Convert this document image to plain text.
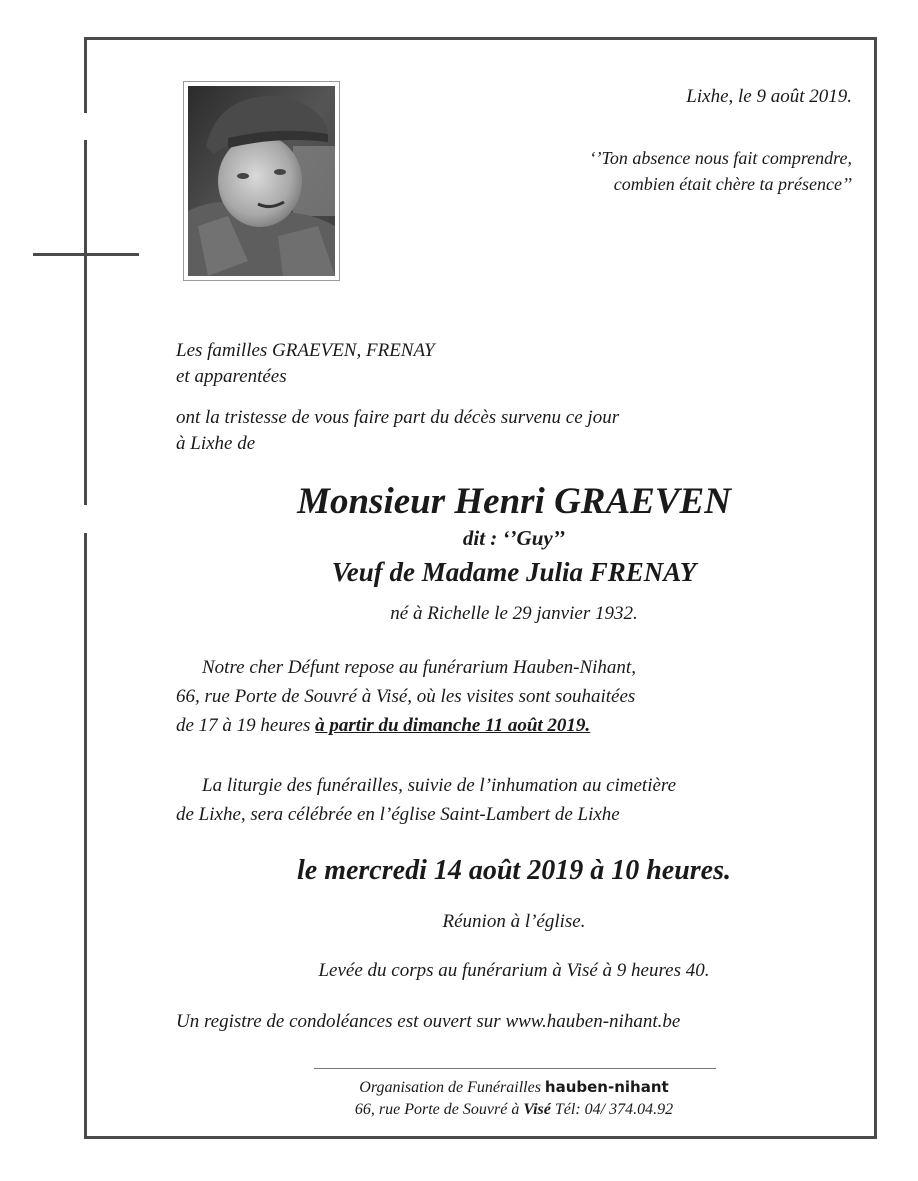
Lixhe, le 9 août 2019.
‘’Ton absence nous fait comprendre,
combien était chère ta présence’’
Les familles GRAEVEN, FRENAY
et apparentées
ont la tristesse de vous faire part du décès survenu ce jour
à Lixhe de
Monsieur Henri GRAEVEN
dit : ‘’Guy’’
Veuf de Madame Julia FRENAY
né à Richelle le 29 janvier 1932.
Notre cher Défunt repose au funérarium Hauben-Nihant,
66, rue Porte de Souvré à Visé, où les visites sont souhaitées
de 17 à 19 heures à partir du dimanche 11 août 2019.
La liturgie des funérailles, suivie de l’inhumation au cimetière
de Lixhe, sera célébrée en l’église Saint-Lambert de Lixhe
le mercredi 14 août 2019 à 10 heures.
Réunion à l’église.
Levée du corps au funérarium à Visé à 9 heures 40.
Un registre de condoléances est ouvert sur www.hauben-nihant.be
Organisation de Funérailles hauben-nihant
66, rue Porte de Souvré à Visé Tél: 04/ 374.04.92
